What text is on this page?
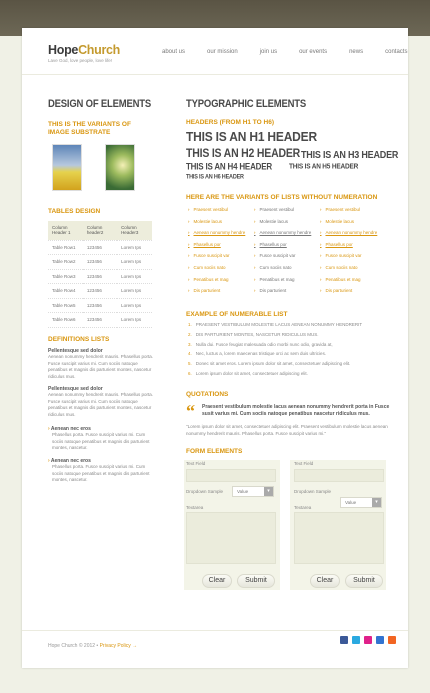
HopeChurch
Lave God, love people, love life!
about us	our mission	join us	our events	news	contacts
DESIGN OF ELEMENTS
THIS IS THE VARIANTS OF
IMAGE SUBSTRATE
TABLES DESIGN
Column Header 1	Column header2	Column Header3
Table Row1	123456	Lorem Ips
Table Row2	123456	Lorem Ips
Table Row3	123456	Lorem Ips
Table Row4	123456	Lorem Ips
Table Row5	123456	Lorem Ips
Table Row6	123456	Lorem Ips
DEFINITIONS LISTS
Pellentesque sed dolor
Aenean nonummy hendrerit mauris. Phasellus porta. Fusce suscipit varius mi. Cum sociis natoque penatibus et magnis dis parturient montes, nascetur ridiculus mus.
Pellentesque sed dolor
Aenean nonummy hendrerit mauris. Phasellus porta. Fusce suscipit varius mi. Cum sociis natoque penatibus et magnis dis parturient montes, nascetur ridiculus mus.
› Aenean nec eros
Phasellus porta. Fusce suscipit varius mi. Cum sociis natoque penatibus et magnis dis parturient montes, nascetur.
› Aenean nec eros
Phasellus porta. Fusce suscipit varius mi. Cum sociis natoque penatibus et magnis dis parturient montes, nascetur.
TYPOGRAPHIC ELEMENTS
HEADERS (FROM H1 TO H6)
THIS IS AN H1 HEADER
THIS IS AN H2 HEADER THIS IS AN H3 HEADER
THIS IS AN H4 HEADER	THIS IS AN H5 HEADER
THIS IS AN H6 HEADER
HERE ARE THE VARIANTS OF LISTS WITHOUT NUMERATION
› Praesent vestibul
› Molestie lacus
› Aenean nonummy hendre
› Phasellus por
› Fusce suscipit var
› Cum sociis nato
› Penatibus et mag
› Dis parturient
› Praesent vestibul
› Molestie lacus
› Aenean nonummy hendre
› Phasellus por
› Fusce suscipit var
› Cum sociis nato
› Penatibus et mag
› Dis parturient
› Praesent vestibul
› Molestie lacus
› Aenean nonummy hendre
› Phasellus por
› Fusce suscipit var
› Cum sociis nato
› Penatibus et mag
› Dis parturient
EXAMPLE OF NUMERABLE LIST
1. PRAESENT VESTIBULUM MOLESTIE LACUS AENEAN NONUMMY HENDRERIT
2. DIS PARTURIENT MONTES, NASCETUR RIDICULUS MUS.
3. Nulla dui. Fusce feugiat malesuada odio morbi nunc odio, gravida at,
4. Nec, luctus a, lorem maecenas tristique orci ac sem duis ultricies.
5. Donec sit amet eros. Lorem ipsum dolor sit amet, consectetuer adipiscing elit.
6. Lorem ipsum dolor sit amet, consectetuer adipiscing elit.
QUOTATIONS
“ Praesent vestibulum molestie lacus aenean nonummy hendrerit porta in Fusce susit varius mi. Cum sociis natoque penatibus nascetur ridiculus mus.
"Lorem ipsum dolor sit amet, consectetuer adipiscing elit. Praesent vestibulum molestie lacus aenean nonummy hendrerit mauris. Phasellus porta. Fusce suscipit varius mi."
FORM ELEMENTS
Text Field
Dropdown Sample	Value	▾
Textarea
Clear	Submit
Text Field
Dropdown Sample
Value	▾
Textarea
Clear	Submit
Hope Church © 2012 • Privacy Policy →
